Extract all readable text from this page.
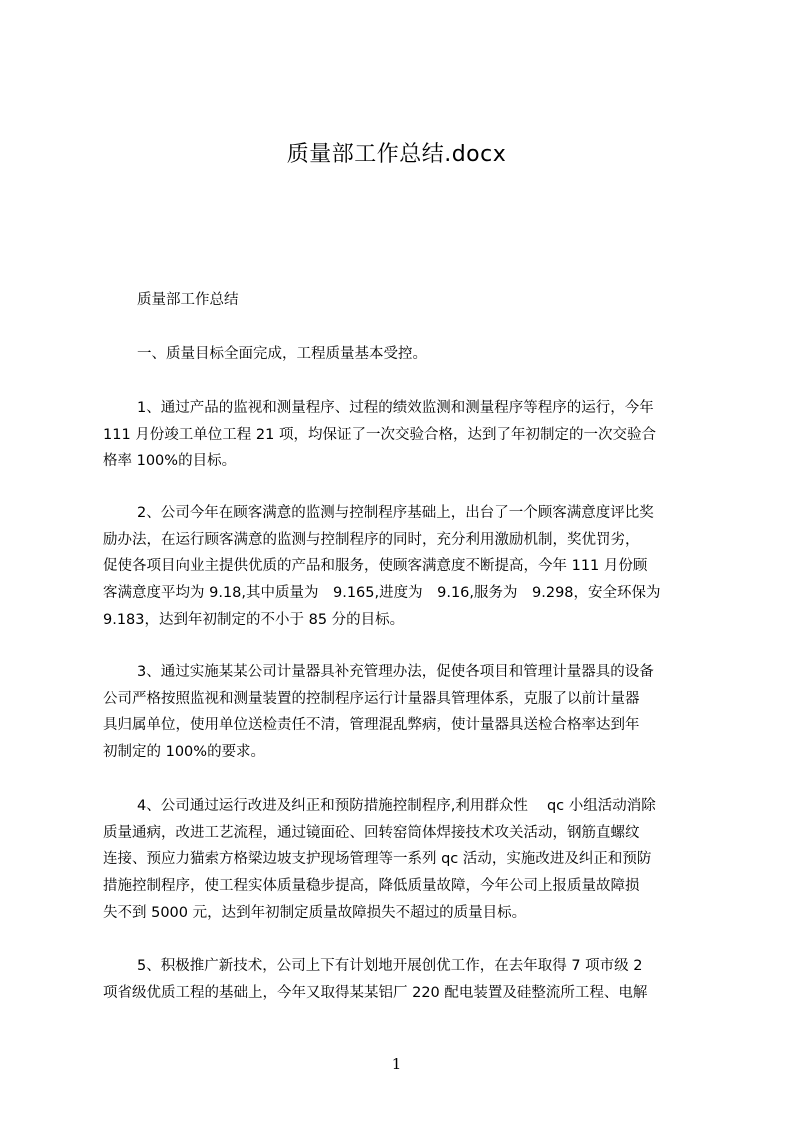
质量部工作总结.docx
质量部工作总结
一、质量目标全面完成，工程质量基本受控。
1、通过产品的监视和测量程序、过程的绩效监测和测量程序等程序的运行，今年
111 月份竣工单位工程 21 项，均保证了一次交验合格，达到了年初制定的一次交验合
格率 100%的目标。
2、公司今年在顾客满意的监测与控制程序基础上，出台了一个顾客满意度评比奖
励办法，在运行顾客满意的监测与控制程序的同时，充分利用激励机制，奖优罚劣，
促使各项目向业主提供优质的产品和服务，使顾客满意度不断提高，今年 111 月份顾
客满意度平均为 9.18,其中质量为　9.165,进度为　9.16,服务为　9.298，安全环保为
9.183，达到年初制定的不小于 85 分的目标。
3、通过实施某某公司计量器具补充管理办法，促使各项目和管理计量器具的设备
公司严格按照监视和测量装置的控制程序运行计量器具管理体系，克服了以前计量器
具归属单位，使用单位送检责任不清，管理混乱弊病，使计量器具送检合格率达到年
初制定的 100%的要求。
4、公司通过运行改进及纠正和预防措施控制程序,利用群众性　 qc 小组活动消除
质量通病，改进工艺流程，通过镜面砼、回转窑筒体焊接技术攻关活动，钢筋直螺纹
连接、预应力猫索方格梁边坡支护现场管理等一系列 qc 活动，实施改进及纠正和预防
措施控制程序，使工程实体质量稳步提高，降低质量故障，今年公司上报质量故障损
失不到 5000 元，达到年初制定质量故障损失不超过的质量目标。
5、积极推广新技术，公司上下有计划地开展创优工作，在去年取得 7 项市级 2
项省级优质工程的基础上，今年又取得某某铝厂 220 配电装置及硅整流所工程、电解
1
